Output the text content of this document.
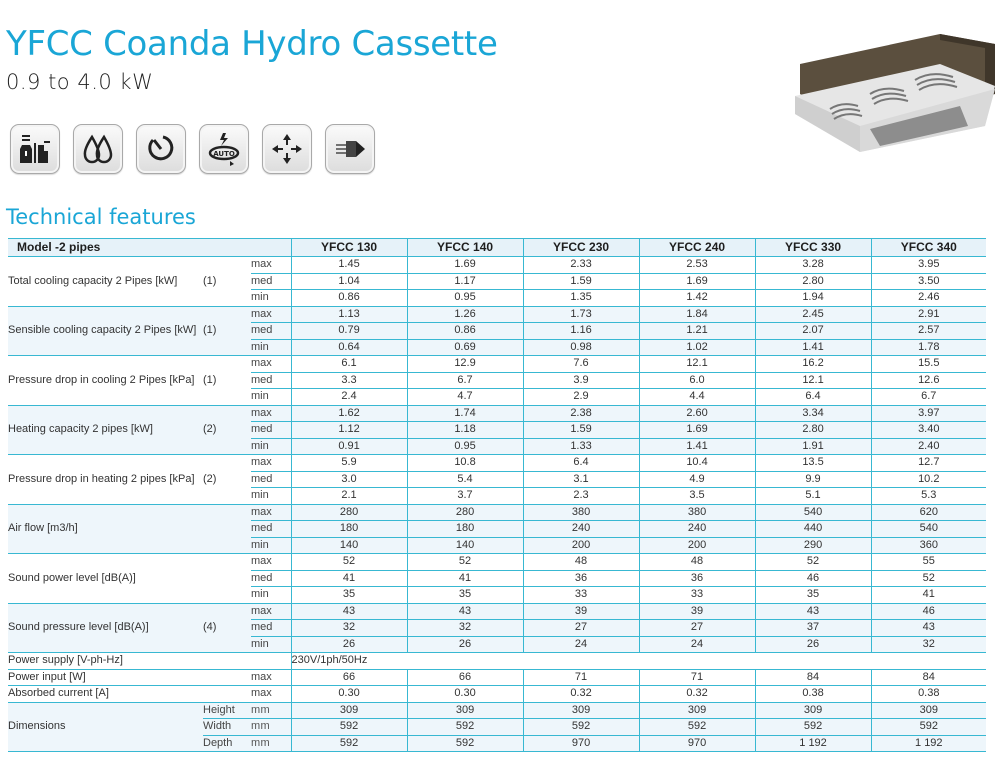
YFCC Coanda Hydro Cassette
0.9 to 4.0 kW
AUTO
Technical features
Model -2 pipes			YFCC 130	YFCC 140	YFCC 230	YFCC 240	YFCC 330	YFCC 340
Total cooling capacity 2 Pipes [kW]	(1)	max	1.45	1.69	2.33	2.53	3.28	3.95
		med	1.04	1.17	1.59	1.69	2.80	3.50
		min	0.86	0.95	1.35	1.42	1.94	2.46
Sensible cooling capacity 2 Pipes [kW]	(1)	max	1.13	1.26	1.73	1.84	2.45	2.91
		med	0.79	0.86	1.16	1.21	2.07	2.57
		min	0.64	0.69	0.98	1.02	1.41	1.78
Pressure drop in cooling 2 Pipes [kPa]	(1)	max	6.1	12.9	7.6	12.1	16.2	15.5
		med	3.3	6.7	3.9	6.0	12.1	12.6
		min	2.4	4.7	2.9	4.4	6.4	6.7
Heating capacity 2 pipes [kW]	(2)	max	1.62	1.74	2.38	2.60	3.34	3.97
		med	1.12	1.18	1.59	1.69	2.80	3.40
		min	0.91	0.95	1.33	1.41	1.91	2.40
Pressure drop in heating 2 pipes [kPa]	(2)	max	5.9	10.8	6.4	10.4	13.5	12.7
		med	3.0	5.4	3.1	4.9	9.9	10.2
		min	2.1	3.7	2.3	3.5	5.1	5.3
Air flow [m3/h]		max	280	280	380	380	540	620
		med	180	180	240	240	440	540
		min	140	140	200	200	290	360
Sound power level [dB(A)]		max	52	52	48	48	52	55
		med	41	41	36	36	46	52
		min	35	35	33	33	35	41
Sound pressure level [dB(A)]	(4)	max	43	43	39	39	43	46
		med	32	32	27	27	37	43
		min	26	26	24	24	26	32
Power supply [V-ph-Hz]			230V/1ph/50Hz					
Power input [W]		max	66	66	71	71	84	84
Absorbed current [A]		max	0.30	0.30	0.32	0.32	0.38	0.38
Dimensions	Height	mm	309	309	309	309	309	309
	Width	mm	592	592	592	592	592	592
	Depth	mm	592	592	970	970	1 192	1 192
